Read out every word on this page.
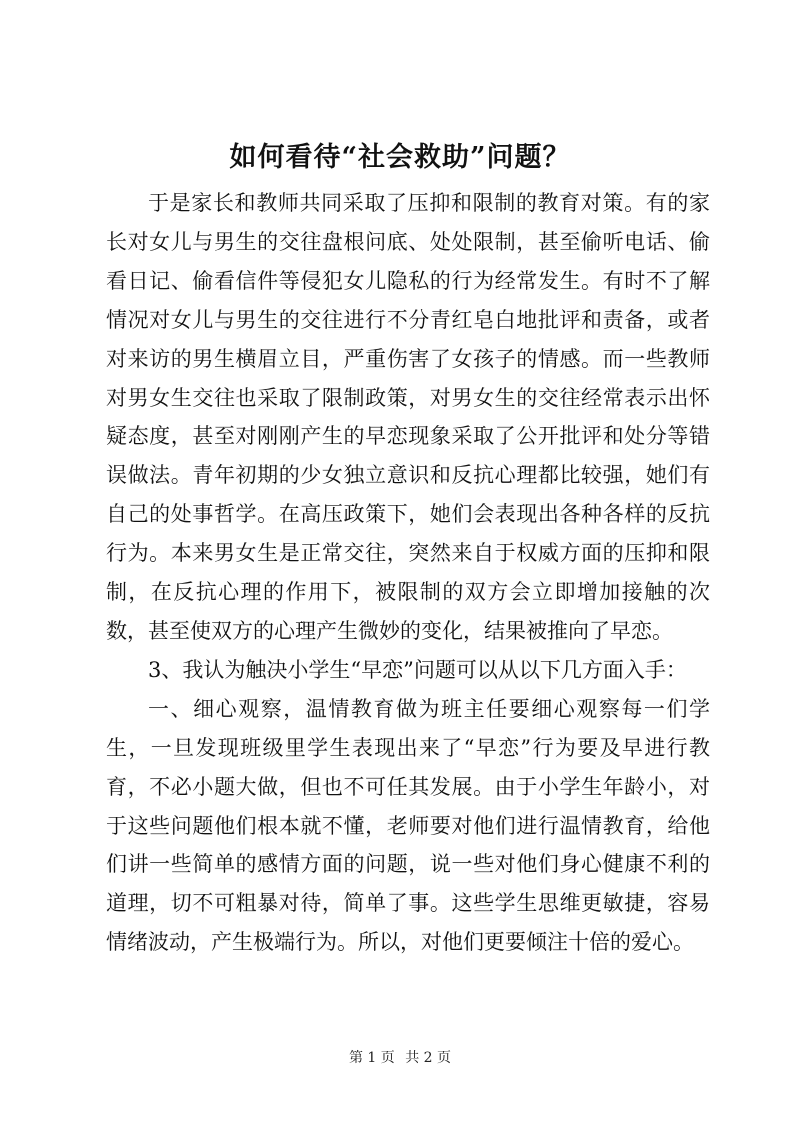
如何看待“社会救助”问题？

于是家长和教师共同采取了压抑和限制的教育对策。有的家长对女儿与男生的交往盘根问底、处处限制，甚至偷听电话、偷看日记、偷看信件等侵犯女儿隐私的行为经常发生。有时不了解情况对女儿与男生的交往进行不分青红皂白地批评和责备，或者对来访的男生横眉立目，严重伤害了女孩子的情感。而一些教师对男女生交往也采取了限制政策，对男女生的交往经常表示出怀疑态度，甚至对刚刚产生的早恋现象采取了公开批评和处分等错误做法。青年初期的少女独立意识和反抗心理都比较强，她们有自己的处事哲学。在高压政策下，她们会表现出各种各样的反抗行为。本来男女生是正常交往，突然来自于权威方面的压抑和限制，在反抗心理的作用下，被限制的双方会立即增加接触的次数，甚至使双方的心理产生微妙的变化，结果被推向了早恋。

3、我认为触决小学生“早恋”问题可以从以下几方面入手：

一、细心观察，温情教育做为班主任要细心观察每一们学生，一旦发现班级里学生表现出来了“早恋”行为要及早进行教育，不必小题大做，但也不可任其发展。由于小学生年龄小，对于这些问题他们根本就不懂，老师要对他们进行温情教育，给他们讲一些简单的感情方面的问题，说一些对他们身心健康不利的道理，切不可粗暴对待，简单了事。这些学生思维更敏捷，容易情绪波动，产生极端行为。所以，对他们更要倾注十倍的爱心。

第 1 页 共 2 页
